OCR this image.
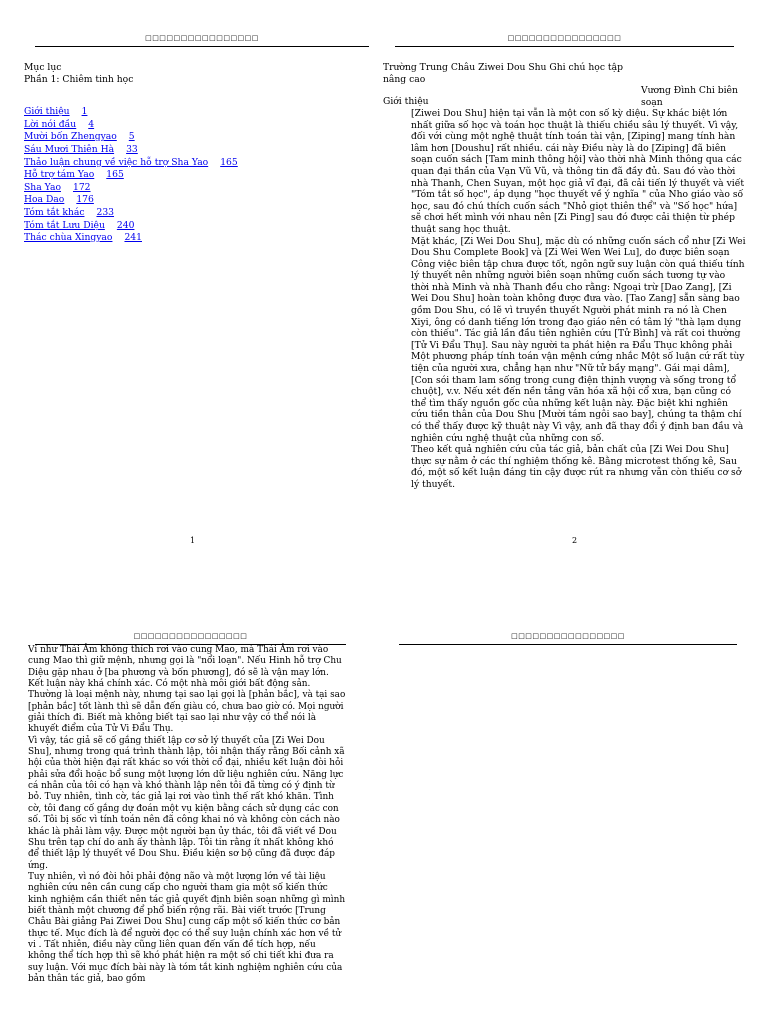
□□□□□□□□□□□□□□□□

Mục lục

Phần 1: Chiêm tinh học

Giới thiệu 1
Lời nói đầu 4
Mười bốn Zhengyao 5
Sáu Mươi Thiên Hà 33
Thảo luận chung về việc hỗ trợ Sha Yao 165
Hỗ trợ tám Yao 165
Sha Yao 172
Hoa Dao 176
Tóm tắt khác 233
Tóm tắt Lưu Diệu 240
Thác chùa Xingyao 241
1
□□□□□□□□□□□□□□□□

Trường Trung Châu Ziwei Dou Shu Ghi chú học tập

nâng cao

Vương Đình Chi biên soạn

Giới thiệu

[Ziwei Dou Shu] hiện tại vẫn là một con số kỳ diệu. Sự khác biệt lớn nhất giữa số học và toán học thuật là thiếu chiều sâu lý thuyết. Vì vậy, đối với cùng một nghệ thuật tính toán tài vận, [Ziping] mang tính hàn lâm hơn [Doushu] rất nhiều. cái này Điều này là do [Ziping] đã biên soạn cuốn sách [Tam minh thông hội] vào thời nhà Minh thông qua các quan đại thần của Vạn Vũ Vũ, và thông tin đã đầy đủ. Sau đó vào thời nhà Thanh, Chen Suyan, một học giả vĩ đại, đã cải tiến lý thuyết và viết "Tóm tắt số học", áp dụng "học thuyết về ý nghĩa " của Nho giáo vào số học, sau đó chú thích cuốn sách "Nhỏ giọt thiên thể" và "Số học" hứa] sẽ chơi hết mình với nhau nên [Zi Ping] sau đó được cải thiện từ phép thuật sang học thuật.

Mặt khác, [Zi Wei Dou Shu], mặc dù có những cuốn sách cổ như [Zi Wei Dou Shu Complete Book] và [Zi Wei Wen Wei Lu], do được biên soạn Công việc biên tập chưa được tốt, ngôn ngữ suy luận còn quá thiếu tính lý thuyết nên những người biên soạn những cuốn sách tương tự vào thời nhà Minh và nhà Thanh đều cho rằng: Ngoại trừ [Dao Zang], [Zi Wei Dou Shu] hoàn toàn không được đưa vào. [Tao Zang] sẵn sàng bao gồm Dou Shu, có lẽ vì truyền thuyết Người phát minh ra nó là Chen Xiyi, ông có danh tiếng lớn trong đạo giáo nên có tâm lý "thà lạm dụng còn thiếu". Tác giả lần đầu tiên nghiên cứu [Tử Bình] và rất coi thường [Tử Vi Đẩu Thụ]. Sau này người ta phát hiện ra Đẩu Thục không phải

Một phương pháp tính toán vận mệnh cứng nhắc Một số luận cứ rất tùy tiện của người xưa, chẳng hạn như "Nữ tử bầy mạng". Gái mại dâm], [Con sói tham lam sống trong cung điện thịnh vượng và sống trong tổ chuột], v.v. Nếu xét đến nền tảng văn hóa xã hội cổ xưa, bạn cũng có thể tìm thấy nguồn gốc của những kết luận này. Đặc biệt khi nghiên cứu tiền thân của Dou Shu [Mười tám ngôi sao bay], chúng ta thậm chí có thể thấy được kỹ thuật này Vì vậy, anh đã thay đổi ý định ban đầu và nghiên cứu nghệ thuật của những con số.

Theo kết quả nghiên cứu của tác giả, bản chất của [Zi Wei Dou Shu] thực sự nằm ở các thí nghiệm thống kê. Bằng microtest thống kê, Sau đó, một số kết luận đáng tin cậy được rút ra nhưng vẫn còn thiếu cơ sở lý thuyết.

2
□□□□□□□□□□□□□□□□

Ví như Thái Âm không thích rơi vào cung Mao, mà Thái Âm rơi vào cung Mao thì giữ mệnh, nhưng gọi là "nổi loạn". Nếu Hinh hỗ trợ Chu Diệu gặp nhau ở [ba phương và bốn phương], đó sẽ là vận may lớn. Kết luận này khá chính xác. Có một nhà môi giới bất động sản. Thường là loại mệnh này, nhưng tại sao lại gọi là [phản bắc], và tại sao [phản bắc] tốt lành thì sẽ dẫn đến giàu có, chưa bao giờ có. Mọi người giải thích đi. Biết mà không biết tại sao lại như vậy có thể nói là khuyết điểm của Tử Vi Đẩu Thụ.

Vì vậy, tác giả sẽ cố gắng thiết lập cơ sở lý thuyết của [Zi Wei Dou Shu], nhưng trong quá trình thành lập, tôi nhận thấy rằng Bối cảnh xã hội của thời hiện đại rất khác so với thời cổ đại, nhiều kết luận đòi hỏi phải sửa đổi hoặc bổ sung một lượng lớn dữ liệu nghiên cứu. Năng lực cá nhân của tôi có hạn và khó thành lập nên tôi đã từng có ý định từ bỏ. Tuy nhiên, tình cờ, tác giả lại rơi vào tình thế rất khó khăn. Tình cờ, tôi đang cố gắng dự đoán một vụ kiện bằng cách sử dụng các con số. Tôi bị sốc vì tính toán nên đã công khai nó và không còn cách nào khác là phải làm vậy. Được một người bạn ủy thác, tôi đã viết về Dou Shu trên tạp chí do anh ấy thành lập. Tôi tin rằng ít nhất không khó để thiết lập lý thuyết về Dou Shu. Điều kiện sơ bộ cũng đã được đáp ứng.

Tuy nhiên, vì nó đòi hỏi phải động não và một lượng lớn về tài liệu nghiên cứu nên cần cung cấp cho người tham gia một số kiến thức kinh nghiệm cần thiết nên tác giả quyết định biên soạn những gì mình biết thành một chương để phổ biến rộng rãi. Bài viết trước [Trung Châu Bài giảng Pai Ziwei Dou Shu] cung cấp một số kiến thức cơ bản thực tế. Mục đích là để người đọc có thể suy luận chính xác hơn về tử vi . Tất nhiên, điều này cũng liên quan đến vấn đề tích hợp, nếu không thể tích hợp thì sẽ khó phát hiện ra một số chi tiết khi đưa ra suy luận. Với mục đích bài này là tóm tắt kinh nghiệm nghiên cứu của bản thân tác giả, bao gồm

□□□□□□□□□□□□□□□□
